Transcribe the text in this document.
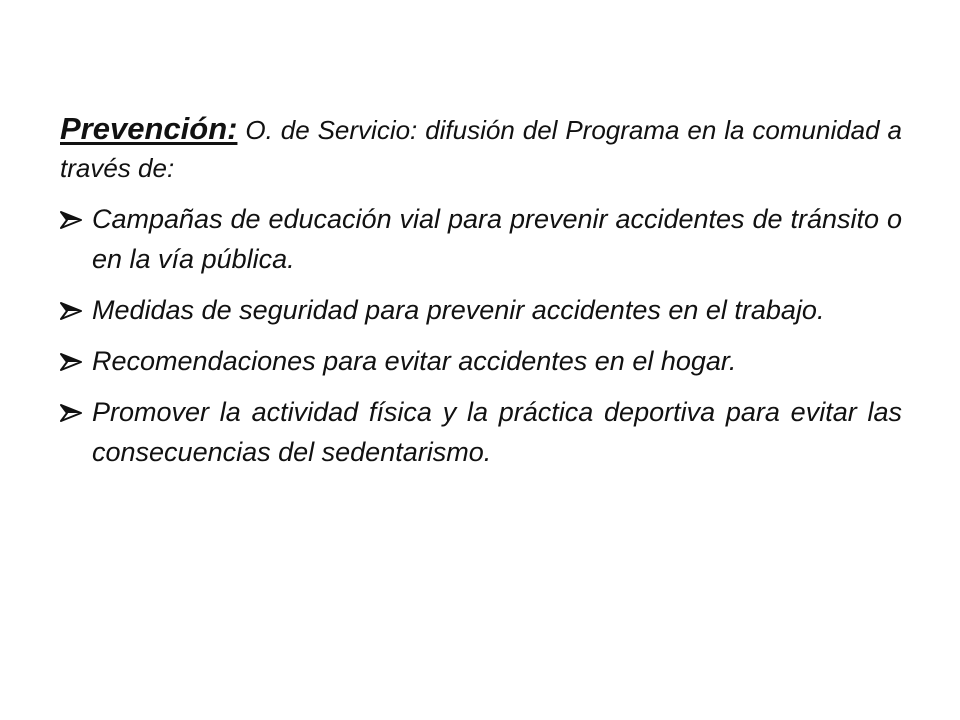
Prevención: O. de Servicio: difusión del Programa en la comunidad a través de:

Campañas de educación vial para prevenir accidentes de tránsito o en la vía pública.
Medidas de seguridad para prevenir accidentes en el trabajo.
Recomendaciones para evitar accidentes en el hogar.
Promover la actividad física y la práctica deportiva para evitar las consecuencias del sedentarismo.
